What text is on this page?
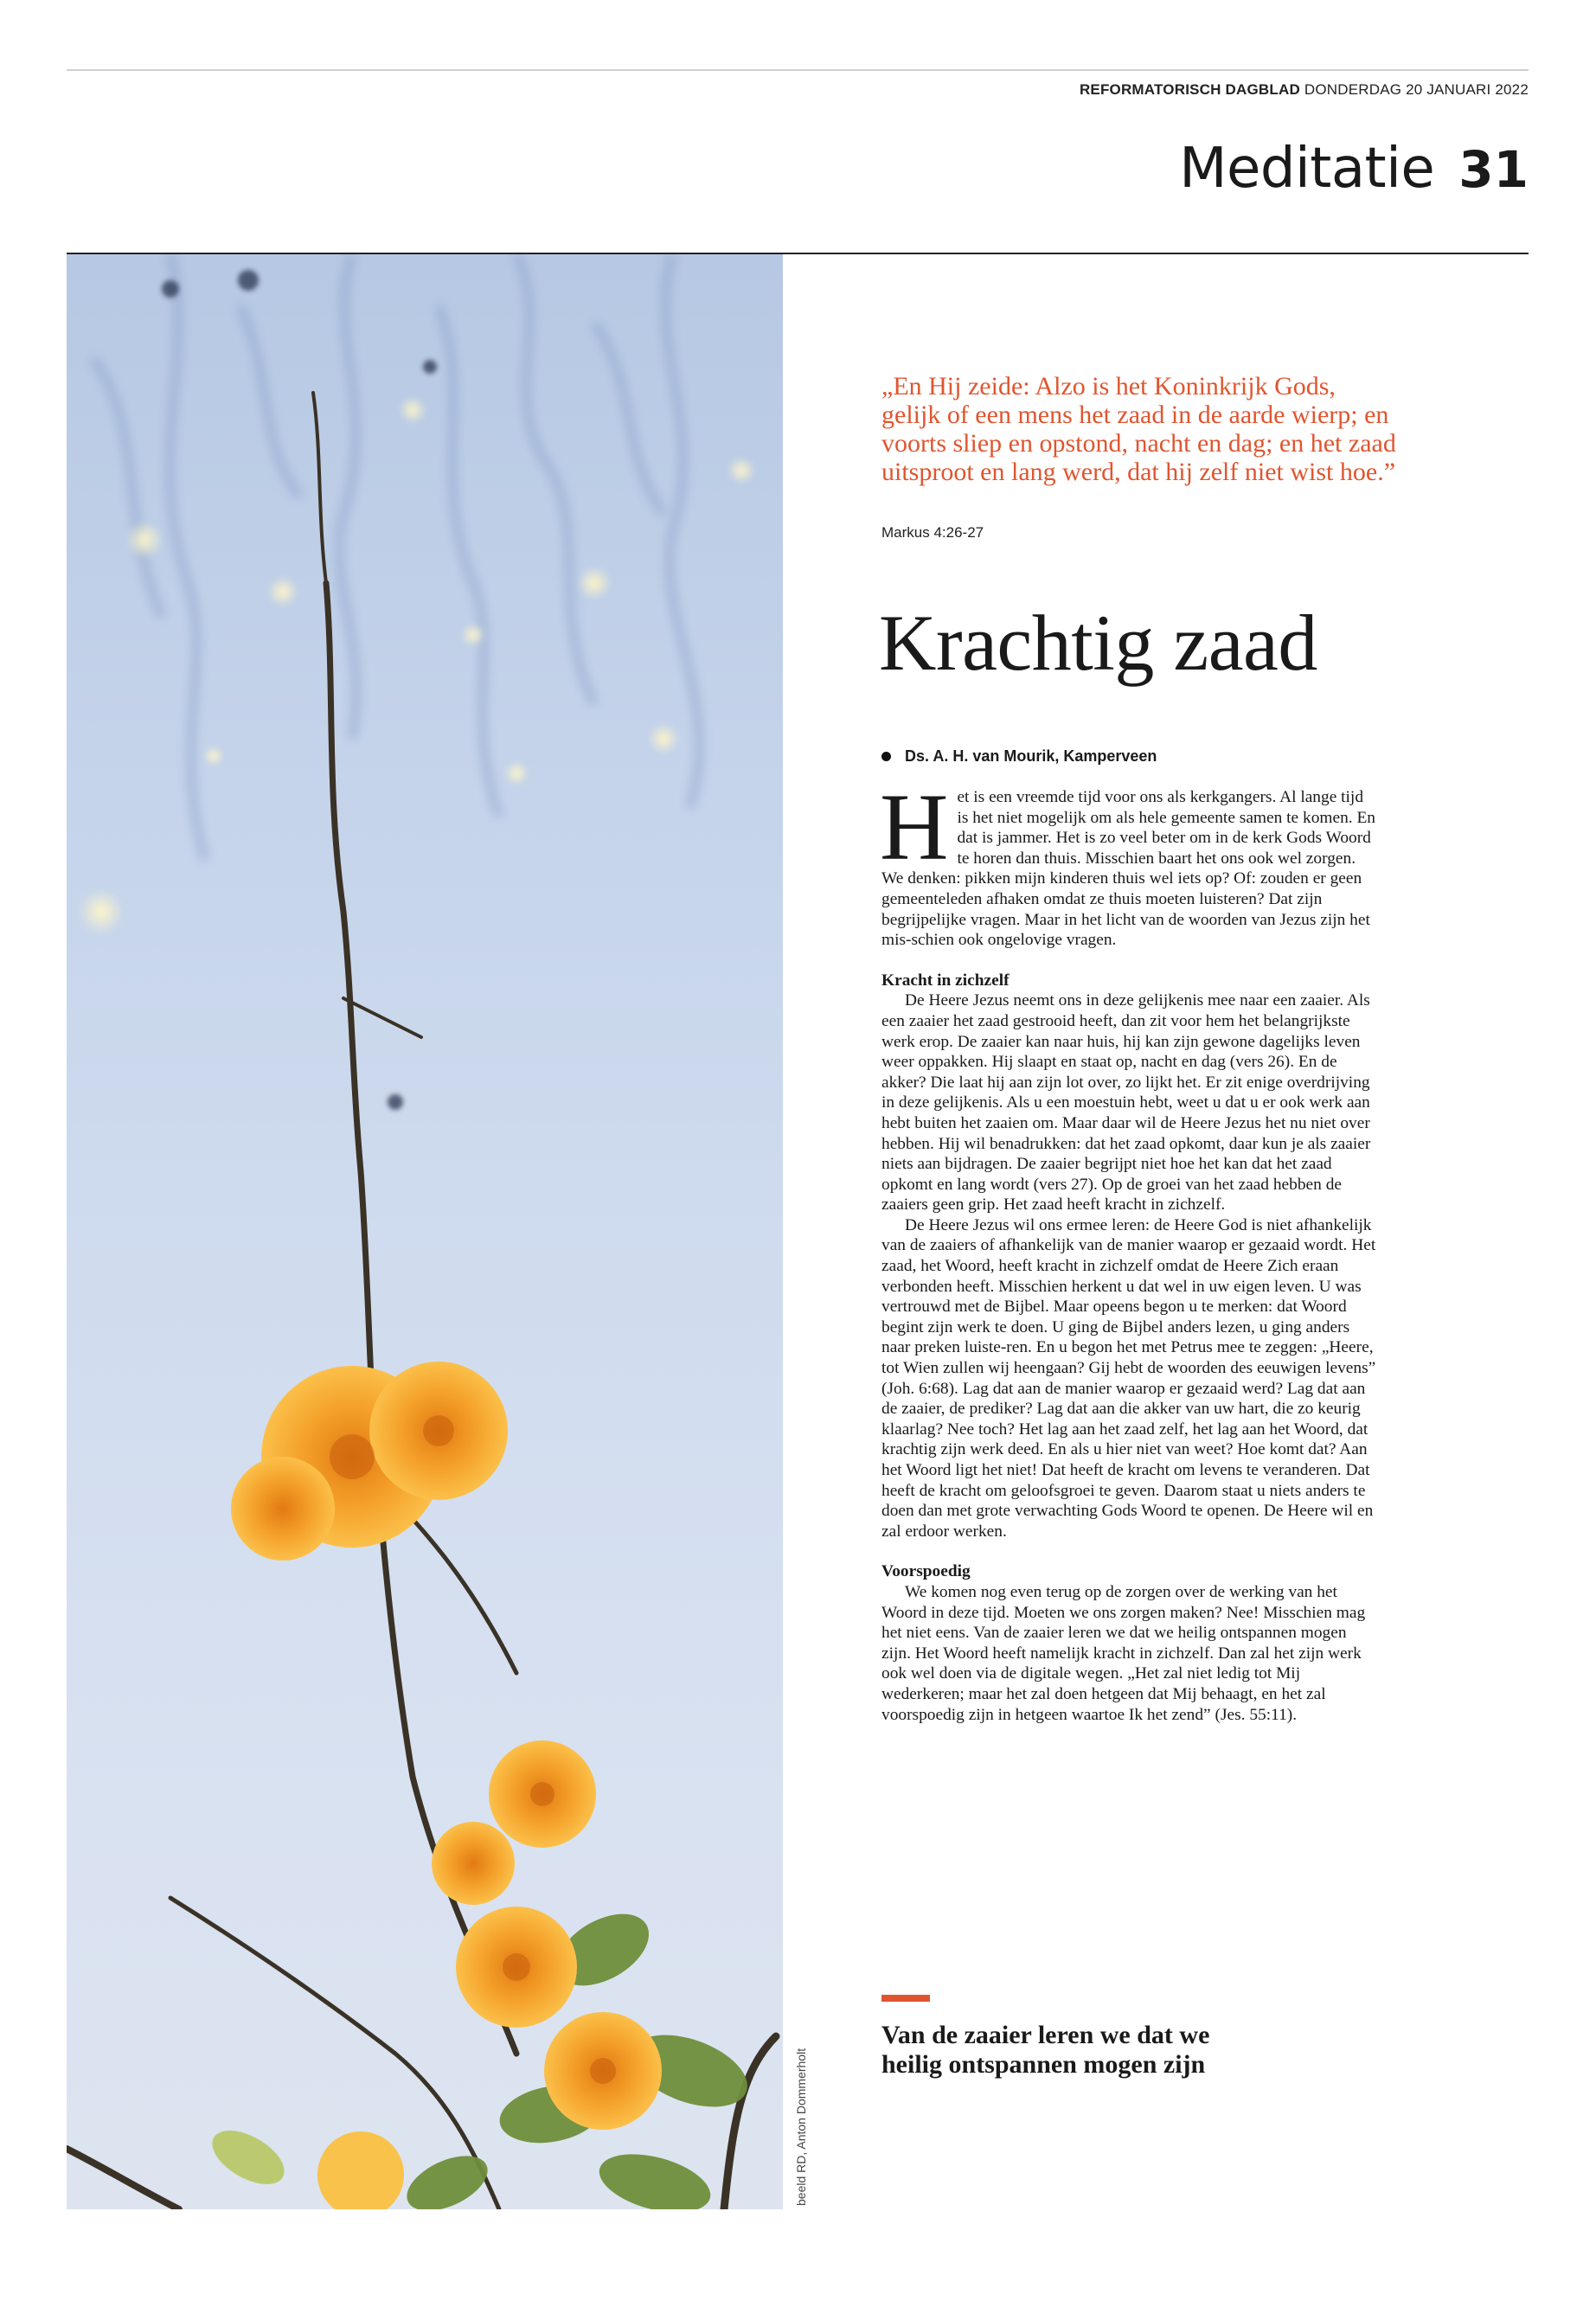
REFORMATORISCH DAGBLAD DONDERDAG 20 JANUARI 2022
Meditatie 31
beeld RD, Anton Dommerholt
„En Hij zeide: Alzo is het Koninkrijk Gods, gelijk of een mens het zaad in de aarde wierp; en voorts sliep en opstond, nacht en dag; en het zaad uitsproot en lang werd, dat hij zelf niet wist hoe.”
Markus 4:26-27
Krachtig zaad
Ds. A. H. van Mourik, Kamperveen

Het is een vreemde tijd voor ons als kerkgangers. Al lange tijd is het niet mogelijk om als hele gemeente samen te komen. En dat is jammer. Het is zo veel beter om in de kerk Gods Woord te horen dan thuis. Misschien baart het ons ook wel zorgen. We denken: pikken mijn kinderen thuis wel iets op? Of: zouden er geen gemeenteleden afhaken omdat ze thuis moeten luisteren? Dat zijn begrijpelijke vragen. Maar in het licht van de woorden van Jezus zijn het mis-schien ook ongelovige vragen.

Kracht in zichzelf

De Heere Jezus neemt ons in deze gelijkenis mee naar een zaaier. Als een zaaier het zaad gestrooid heeft, dan zit voor hem het belangrijkste werk erop. De zaaier kan naar huis, hij kan zijn gewone dagelijks leven weer oppakken. Hij slaapt en staat op, nacht en dag (vers 26). En de akker? Die laat hij aan zijn lot over, zo lijkt het. Er zit enige overdrijving in deze gelijkenis. Als u een moestuin hebt, weet u dat u er ook werk aan hebt buiten het zaaien om. Maar daar wil de Heere Jezus het nu niet over hebben. Hij wil benadrukken: dat het zaad opkomt, daar kun je als zaaier niets aan bijdragen. De zaaier begrijpt niet hoe het kan dat het zaad opkomt en lang wordt (vers 27). Op de groei van het zaad hebben de zaaiers geen grip. Het zaad heeft kracht in zichzelf.

De Heere Jezus wil ons ermee leren: de Heere God is niet afhankelijk van de zaaiers of afhankelijk van de manier waarop er gezaaid wordt. Het zaad, het Woord, heeft kracht in zichzelf omdat de Heere Zich eraan verbonden heeft. Misschien herkent u dat wel in uw eigen leven. U was vertrouwd met de Bijbel. Maar opeens begon u te merken: dat Woord begint zijn werk te doen. U ging de Bijbel anders lezen, u ging anders naar preken luiste-ren. En u begon het met Petrus mee te zeggen: „Heere, tot Wien zullen wij heengaan? Gij hebt de woorden des eeuwigen levens” (Joh. 6:68). Lag dat aan de manier waarop er gezaaid werd? Lag dat aan de zaaier, de prediker? Lag dat aan die akker van uw hart, die zo keurig klaarlag? Nee toch? Het lag aan het zaad zelf, het lag aan het Woord, dat krachtig zijn werk deed. En als u hier niet van weet? Hoe komt dat? Aan het Woord ligt het niet! Dat heeft de kracht om levens te veranderen. Dat heeft de kracht om geloofsgroei te geven. Daarom staat u niets anders te doen dan met grote verwachting Gods Woord te openen. De Heere wil en zal erdoor werken.

Voorspoedig

We komen nog even terug op de zorgen over de werking van het Woord in deze tijd. Moeten we ons zorgen maken? Nee! Misschien mag het niet eens. Van de zaaier leren we dat we heilig ontspannen mogen zijn. Het Woord heeft namelijk kracht in zichzelf. Dan zal het zijn werk ook wel doen via de digitale wegen. „Het zal niet ledig tot Mij wederkeren; maar het zal doen hetgeen dat Mij behaagt, en het zal voorspoedig zijn in hetgeen waartoe Ik het zend” (Jes. 55:11).

Van de zaaier leren we dat we heilig ontspannen mogen zijn
